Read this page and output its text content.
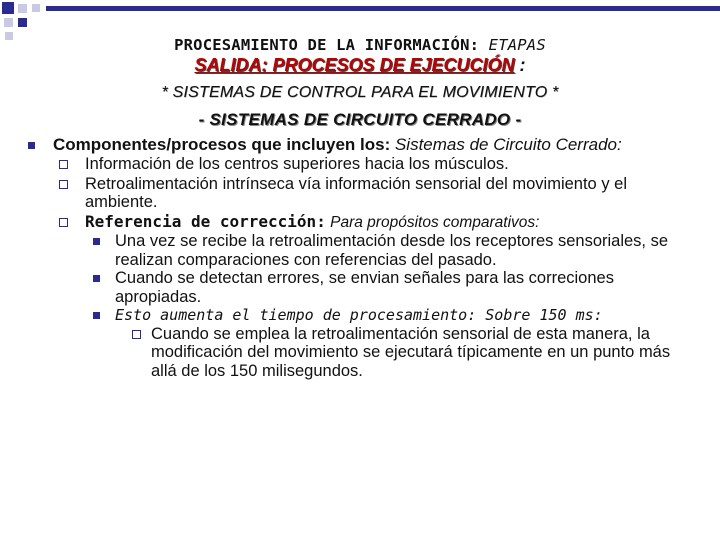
PROCESAMIENTO DE LA INFORMACIÓN: ETAPAS
SALIDA: PROCESOS DE EJECUCIÓN :
* SISTEMAS DE CONTROL PARA EL MOVIMIENTO *
- SISTEMAS DE CIRCUITO CERRADO -
Componentes/procesos que incluyen los: Sistemas de Circuito Cerrado:
Información de los centros superiores hacia los músculos.
Retroalimentación intrínseca vía información sensorial del movimiento y el ambiente.
Referencia de corrección: Para propósitos comparativos:
Una vez se recibe la retroalimentación desde los receptores sensoriales, se realizan comparaciones con referencias del pasado.
Cuando se detectan errores, se envian señales para las correciones apropiadas.
Esto aumenta el tiempo de procesamiento: Sobre 150 ms:
Cuando se emplea la retroalimentación sensorial de esta manera, la modificación del movimiento se ejecutará típicamente en un punto más allá de los 150 milisegundos.
